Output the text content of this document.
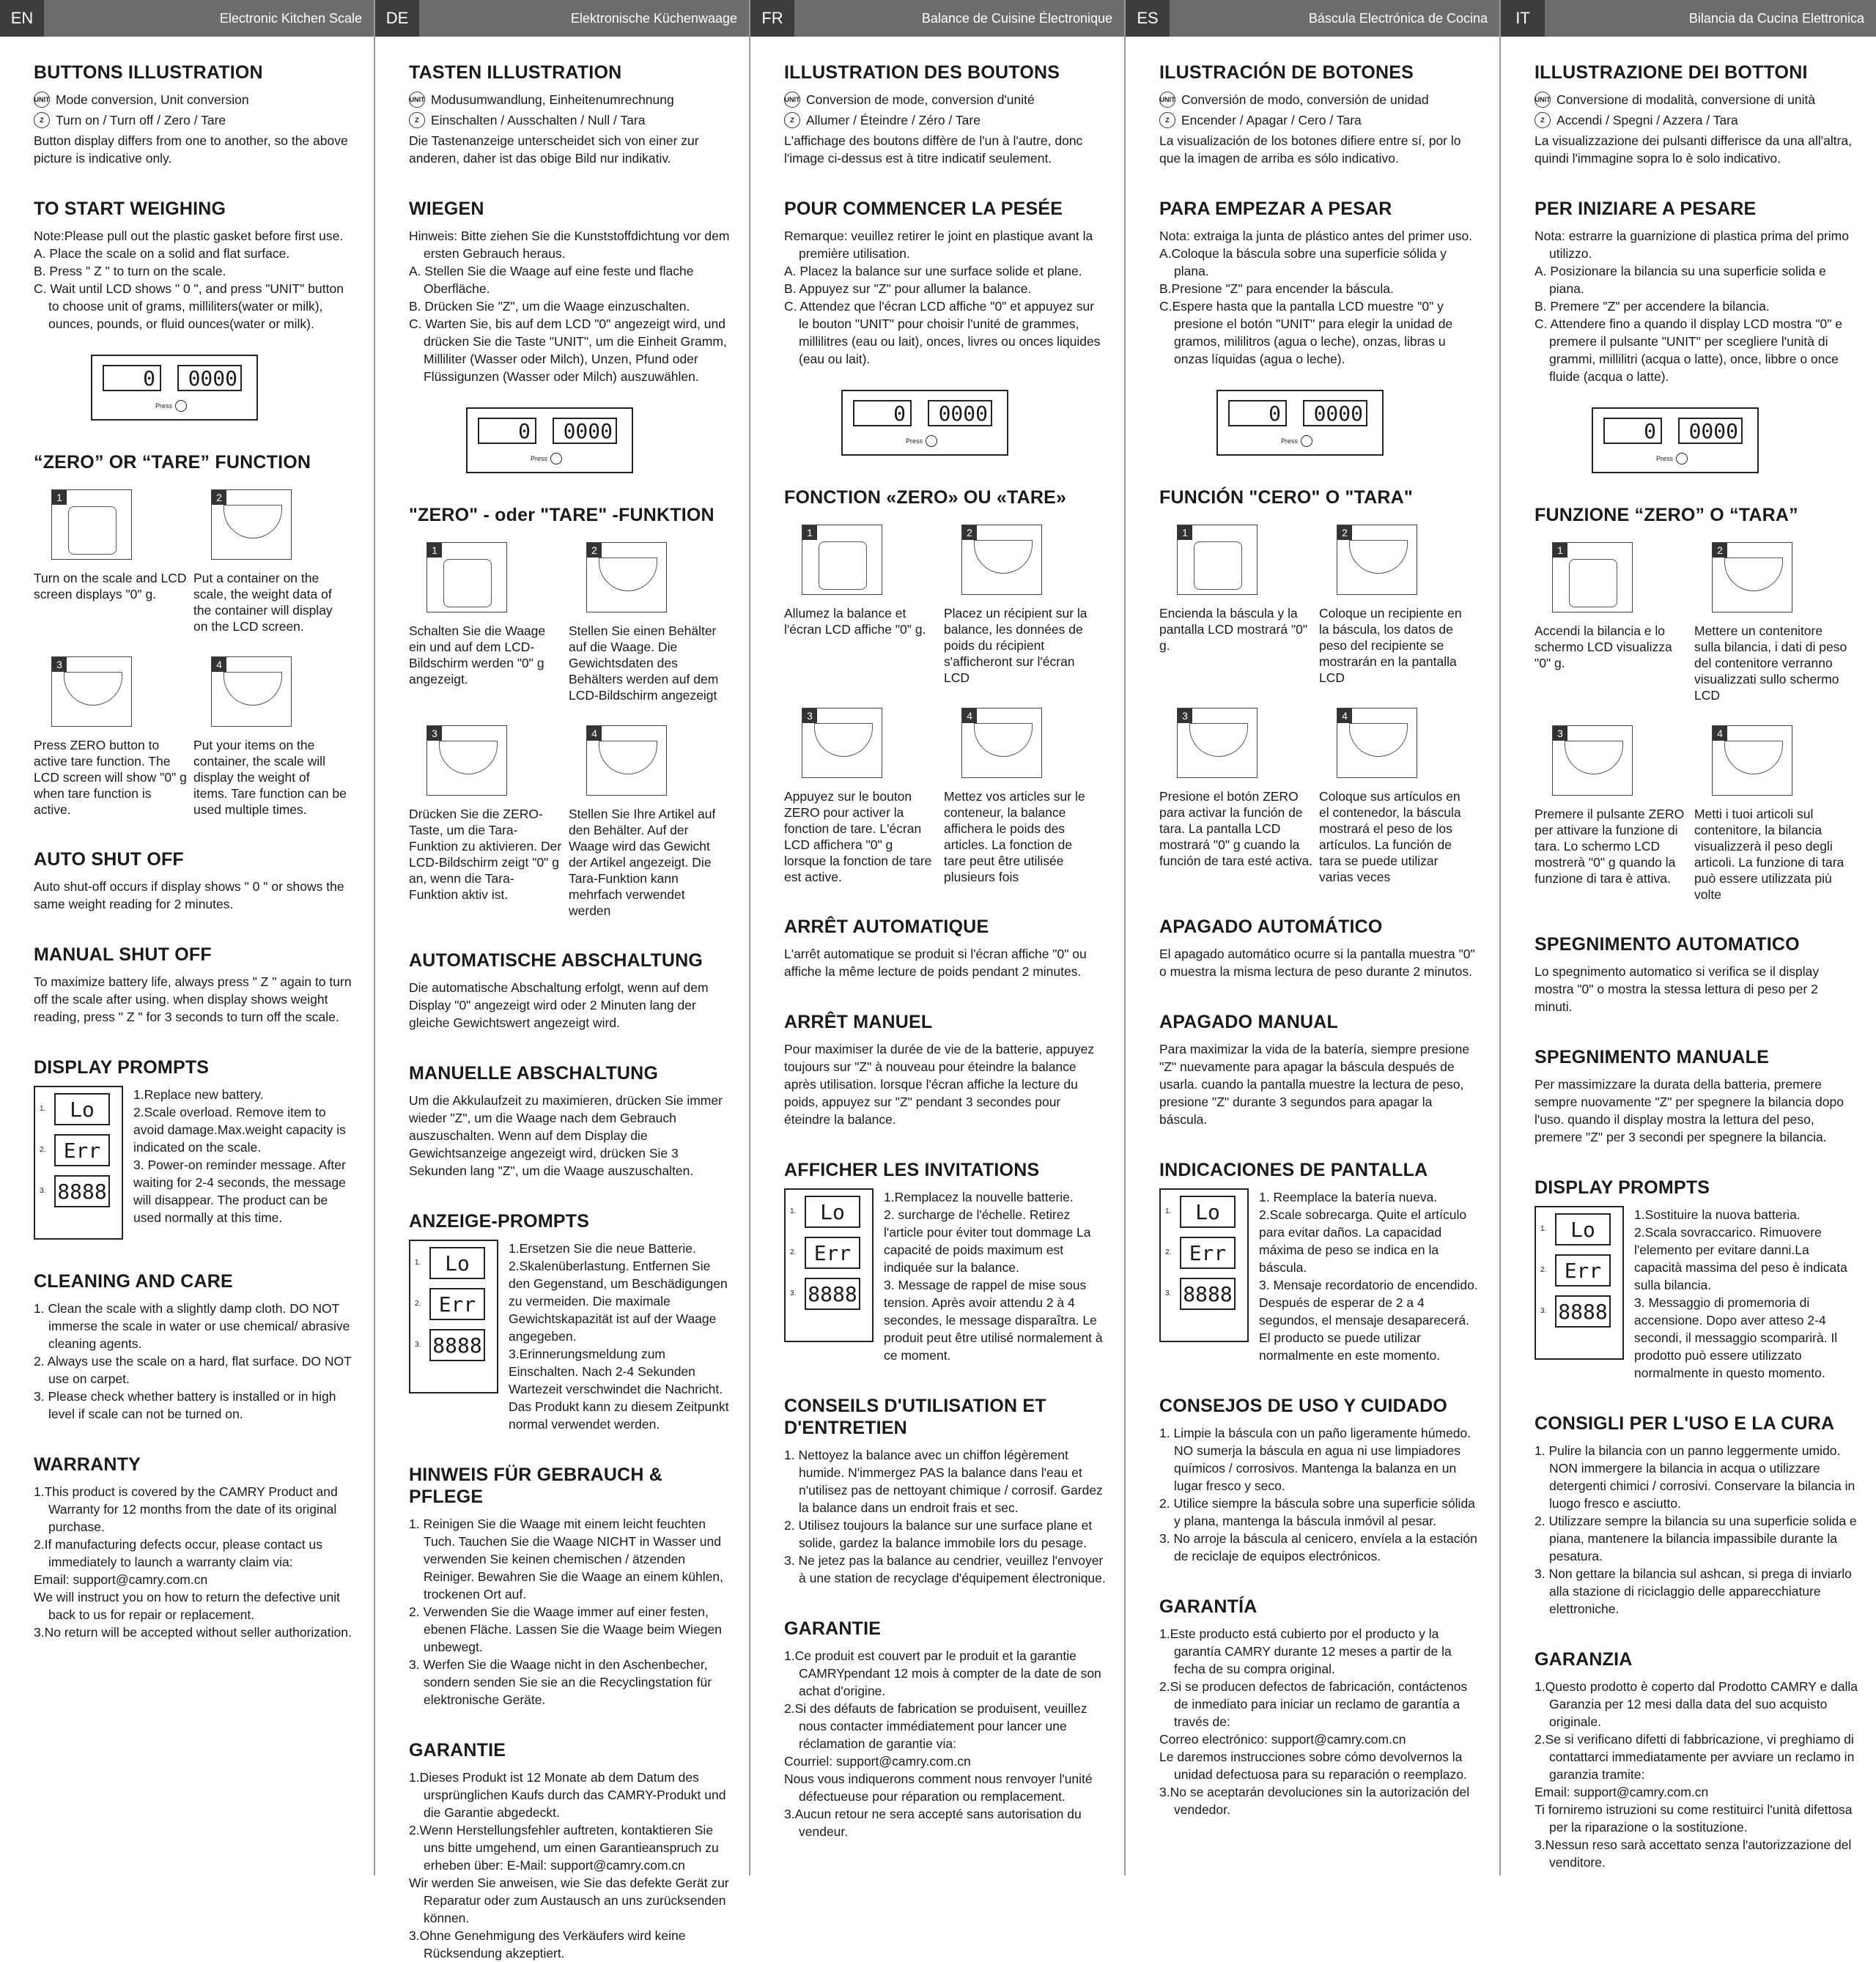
EN	Electronic Kitchen Scale
BUTTONS ILLUSTRATION
UNIT Mode conversion, Unit conversion
Z Turn on / Turn off / Zero / Tare

Button display differs from one to another, so the above picture is indicative only.

TO START WEIGHING
Note:Please pull out the plastic gasket before first use.
A. Place the scale on a solid and flat surface.
B. Press " Z " to turn on the scale.
C. Wait until LCD shows " 0 ", and press "UNIT" button to choose unit of grams, milliliters(water or milk), ounces, pounds, or fluid ounces(water or milk).
0	0000
Press
“ZERO” OR “TARE” FUNCTION
1
Turn on the scale and LCD screen displays "0" g.
2
Put a container on the scale, the weight data of the container will display on the LCD screen.
3
Press ZERO button to active tare function. The LCD screen will show "0" g when tare function is active.
4
Put your items on the container, the scale will display the weight of items. Tare function can be used multiple times.
AUTO SHUT OFF

Auto shut-off occurs if display shows " 0 " or shows the same weight reading for 2 minutes.

MANUAL SHUT OFF

To maximize battery life, always press " Z " again to turn off the scale after using. when display shows weight reading, press " Z " for 3 seconds to turn off the scale.

DISPLAY PROMPTS
1.	Lo
2. Err
3. 8888
1.Replace new battery.
2.Scale overload. Remove item to avoid damage.Max.weight capacity is indicated on the scale.
3. Power-on reminder message. After waiting for 2-4 seconds, the message will disappear. The product can be used normally at this time.
CLEANING AND CARE
1. Clean the scale with a slightly damp cloth. DO NOT immerse the scale in water or use chemical/ abrasive cleaning agents.
2. Always use the scale on a hard, flat surface. DO NOT use on carpet.
3. Please check whether battery is installed or in high level if scale can not be turned on.
WARRANTY
1.This product is covered by the CAMRY Product and Warranty for 12 months from the date of its original purchase.
2.If manufacturing defects occur, please contact us immediately to launch a warranty claim via:
Email: support@camry.com.cn
We will instruct you on how to return the defective unit back to us for repair or replacement.
3.No return will be accepted without seller authorization.
DE	Elektronische Küchenwaage
TASTEN ILLUSTRATION
UNIT Modusumwandlung, Einheitenumrechnung
Z Einschalten / Ausschalten / Null / Tara

Die Tastenanzeige unterscheidet sich von einer zur anderen, daher ist das obige Bild nur indikativ.

WIEGEN
Hinweis: Bitte ziehen Sie die Kunststoffdichtung vor dem ersten Gebrauch heraus.
A. Stellen Sie die Waage auf eine feste und flache Oberfläche.
B. Drücken Sie "Z", um die Waage einzuschalten.
C. Warten Sie, bis auf dem LCD "0" angezeigt wird, und drücken Sie die Taste "UNIT", um die Einheit Gramm, Milliliter (Wasser oder Milch), Unzen, Pfund oder Flüssigunzen (Wasser oder Milch) auszuwählen.
0	0000
Press
"ZERO" - oder "TARE" -FUNKTION
1
Schalten Sie die Waage ein und auf dem LCD-Bildschirm werden "0" g angezeigt.
2
Stellen Sie einen Behälter auf die Waage. Die Gewichtsdaten des Behälters werden auf dem LCD-Bildschirm angezeigt
3
Drücken Sie die ZERO- Taste, um die Tara- Funktion zu aktivieren. Der LCD-Bildschirm zeigt "0" g an, wenn die Tara-Funktion aktiv ist.
4
Stellen Sie Ihre Artikel auf den Behälter. Auf der Waage wird das Gewicht der Artikel angezeigt. Die Tara-Funktion kann mehrfach verwendet werden
AUTOMATISCHE ABSCHALTUNG

Die automatische Abschaltung erfolgt, wenn auf dem Display "0" angezeigt wird oder 2 Minuten lang der gleiche Gewichtswert angezeigt wird.

MANUELLE ABSCHALTUNG

Um die Akkulaufzeit zu maximieren, drücken Sie immer wieder "Z", um die Waage nach dem Gebrauch auszuschalten. Wenn auf dem Display die Gewichtsanzeige angezeigt wird, drücken Sie 3 Sekunden lang "Z", um die Waage auszuschalten.

ANZEIGE-PROMPTS
1.	Lo
2. Err
3. 8888
1.Ersetzen Sie die neue Batterie.
2.Skalenüberlastung. Entfernen Sie den Gegenstand, um Beschädigungen zu vermeiden. Die maximale Gewichtskapazität ist auf der Waage angegeben.
3.Erinnerungsmeldung zum Einschalten. Nach 2-4 Sekunden Wartezeit verschwindet die Nachricht. Das Produkt kann zu diesem Zeitpunkt normal verwendet werden.
HINWEIS FÜR GEBRAUCH & PFLEGE
1. Reinigen Sie die Waage mit einem leicht feuchten Tuch. Tauchen Sie die Waage NICHT in Wasser und verwenden Sie keinen chemischen / ätzenden Reiniger. Bewahren Sie die Waage an einem kühlen, trockenen Ort auf.
2. Verwenden Sie die Waage immer auf einer festen, ebenen Fläche. Lassen Sie die Waage beim Wiegen unbewegt.
3. Werfen Sie die Waage nicht in den Aschenbecher, sondern senden Sie sie an die Recyclingstation für elektronische Geräte.
GARANTIE
1.Dieses Produkt ist 12 Monate ab dem Datum des ursprünglichen Kaufs durch das CAMRY-Produkt und die Garantie abgedeckt.
2.Wenn Herstellungsfehler auftreten, kontaktieren Sie uns bitte umgehend, um einen Garantieanspruch zu erheben über: E-Mail: support@camry.com.cn
Wir werden Sie anweisen, wie Sie das defekte Gerät zur Reparatur oder zum Austausch an uns zurücksenden können.
3.Ohne Genehmigung des Verkäufers wird keine Rücksendung akzeptiert.
FR	Balance de Cuisine Électronique
ILLUSTRATION DES BOUTONS
UNIT Conversion de mode, conversion d'unité
Z Allumer / Éteindre / Zéro / Tare

L'affichage des boutons diffère de l'un à l'autre, donc l'image ci-dessus est à titre indicatif seulement.

POUR COMMENCER LA PESÉE
Remarque: veuillez retirer le joint en plastique avant la première utilisation.
A. Placez la balance sur une surface solide et plane.
B. Appuyez sur "Z" pour allumer la balance.
C. Attendez que l'écran LCD affiche "0" et appuyez sur le bouton "UNIT" pour choisir l'unité de grammes, millilitres (eau ou lait), onces, livres ou onces liquides (eau ou lait).
0	0000
Press
FONCTION «ZERO» OU «TARE»
1
Allumez la balance et l'écran LCD affiche "0" g.
2
Placez un récipient sur la balance, les données de poids du récipient s'afficheront sur l'écran LCD
3
Appuyez sur le bouton ZERO pour activer la fonction de tare. L'écran LCD affichera "0" g lorsque la fonction de tare est active.
4
Mettez vos articles sur le conteneur, la balance affichera le poids des articles. La fonction de tare peut être utilisée plusieurs fois
ARRÊT AUTOMATIQUE

L'arrêt automatique se produit si l'écran affiche "0" ou affiche la même lecture de poids pendant 2 minutes.

ARRÊT MANUEL

Pour maximiser la durée de vie de la batterie, appuyez toujours sur "Z" à nouveau pour éteindre la balance après utilisation. lorsque l'écran affiche la lecture du poids, appuyez sur "Z" pendant 3 secondes pour éteindre la balance.

AFFICHER LES INVITATIONS
1.	Lo
2. Err
3. 8888
1.Remplacez la nouvelle batterie.
2. surcharge de l'échelle. Retirez l'article pour éviter tout dommage La capacité de poids maximum est indiquée sur la balance.
3. Message de rappel de mise sous tension. Après avoir attendu 2 à 4 secondes, le message disparaîtra. Le produit peut être utilisé normalement à ce moment.
CONSEILS D'UTILISATION ET D'ENTRETIEN
1. Nettoyez la balance avec un chiffon légèrement humide. N'immergez PAS la balance dans l'eau et n'utilisez pas de nettoyant chimique / corrosif. Gardez la balance dans un endroit frais et sec.
2. Utilisez toujours la balance sur une surface plane et solide, gardez la balance immobile lors du pesage.
3. Ne jetez pas la balance au cendrier, veuillez l'envoyer à une station de recyclage d'équipement électronique.
GARANTIE
1.Ce produit est couvert par le produit et la garantie CAMRYpendant 12 mois à compter de la date de son achat d'origine.
2.Si des défauts de fabrication se produisent, veuillez nous contacter immédiatement pour lancer une réclamation de garantie via:
Courriel: support@camry.com.cn
Nous vous indiquerons comment nous renvoyer l'unité défectueuse pour réparation ou remplacement.
3.Aucun retour ne sera accepté sans autorisation du vendeur.
ES	Báscula Electrónica de Cocina
ILUSTRACIÓN DE BOTONES
UNIT Conversión de modo, conversión de unidad
Z Encender / Apagar / Cero / Tara

La visualización de los botones difiere entre sí, por lo que la imagen de arriba es sólo indicativo.

PARA EMPEZAR A PESAR
Nota: extraiga la junta de plástico antes del primer uso.
A.Coloque la báscula sobre una superficie sólida y plana.
B.Presione "Z" para encender la báscula.
C.Espere hasta que la pantalla LCD muestre "0" y presione el botón "UNIT" para elegir la unidad de gramos, mililitros (agua o leche), onzas, libras u onzas líquidas (agua o leche).
0	0000
Press
FUNCIÓN "CERO" O "TARA"
1
Encienda la báscula y la pantalla LCD mostrará "0" g.
2
Coloque un recipiente en la báscula, los datos de peso del recipiente se mostrarán en la pantalla LCD
3
Presione el botón ZERO para activar la función de tara. La pantalla LCD mostrará "0" g cuando la función de tara esté activa.
4
Coloque sus artículos en el contenedor, la báscula mostrará el peso de los artículos. La función de tara se puede utilizar varias veces
APAGADO AUTOMÁTICO

El apagado automático ocurre si la pantalla muestra "0" o muestra la misma lectura de peso durante 2 minutos.

APAGADO MANUAL

Para maximizar la vida de la batería, siempre presione "Z" nuevamente para apagar la báscula después de usarla. cuando la pantalla muestre la lectura de peso, presione "Z" durante 3 segundos para apagar la báscula.

INDICACIONES DE PANTALLA
1.	Lo
2. Err
3. 8888
1. Reemplace la batería nueva.
2.Scale sobrecarga. Quite el artículo para evitar daños. La capacidad máxima de peso se indica en la báscula.
3. Mensaje recordatorio de encendido. Después de esperar de 2 a 4 segundos, el mensaje desaparecerá. El producto se puede utilizar normalmente en este momento.
CONSEJOS DE USO Y CUIDADO
1. Limpie la báscula con un paño ligeramente húmedo. NO sumerja la báscula en agua ni use limpiadores químicos / corrosivos. Mantenga la balanza en un lugar fresco y seco.
2. Utilice siempre la báscula sobre una superficie sólida y plana, mantenga la báscula inmóvil al pesar.
3. No arroje la báscula al cenicero, envíela a la estación de reciclaje de equipos electrónicos.
GARANTÍA
1.Este producto está cubierto por el producto y la garantía CAMRY durante 12 meses a partir de la fecha de su compra original.
2.Si se producen defectos de fabricación, contáctenos de inmediato para iniciar un reclamo de garantía a través de:
Correo electrónico: support@camry.com.cn
Le daremos instrucciones sobre cómo devolvernos la unidad defectuosa para su reparación o reemplazo.
3.No se aceptarán devoluciones sin la autorización del vendedor.
IT	Bilancia da Cucina Elettronica
ILLUSTRAZIONE DEI BOTTONI
UNIT Conversione di modalità, conversione di unità
Z Accendi / Spegni / Azzera / Tara

La visualizzazione dei pulsanti differisce da una all'altra, quindi l'immagine sopra lo è solo indicativo.

PER INIZIARE A PESARE
Nota: estrarre la guarnizione di plastica prima del primo utilizzo.
A. Posizionare la bilancia su una superficie solida e piana.
B. Premere "Z" per accendere la bilancia.
C. Attendere fino a quando il display LCD mostra "0" e premere il pulsante "UNIT" per scegliere l'unità di grammi, millilitri (acqua o latte), once, libbre o once fluide (acqua o latte).
0	0000
Press
FUNZIONE “ZERO” O “TARA”
1
Accendi la bilancia e lo schermo LCD visualizza "0" g.
2
Mettere un contenitore sulla bilancia, i dati di peso del contenitore verranno visualizzati sullo schermo LCD
3
Premere il pulsante ZERO per attivare la funzione di tara. Lo schermo LCD mostrerà "0" g quando la funzione di tara è attiva.
4
Metti i tuoi articoli sul contenitore, la bilancia visualizzerà il peso degli articoli. La funzione di tara può essere utilizzata più volte
SPEGNIMENTO AUTOMATICO

Lo spegnimento automatico si verifica se il display mostra "0" o mostra la stessa lettura di peso per 2 minuti.

SPEGNIMENTO MANUALE

Per massimizzare la durata della batteria, premere sempre nuovamente "Z" per spegnere la bilancia dopo l'uso. quando il display mostra la lettura del peso, premere "Z" per 3 secondi per spegnere la bilancia.

DISPLAY PROMPTS
1.	Lo
2. Err
3. 8888
1.Sostituire la nuova batteria.
2.Scala sovraccarico. Rimuovere l'elemento per evitare danni.La capacità massima del peso è indicata sulla bilancia.
3. Messaggio di promemoria di accensione. Dopo aver atteso 2-4 secondi, il messaggio scomparirà. Il prodotto può essere utilizzato normalmente in questo momento.
CONSIGLI PER L'USO E LA CURA
1. Pulire la bilancia con un panno leggermente umido. NON immergere la bilancia in acqua o utilizzare detergenti chimici / corrosivi. Conservare la bilancia in luogo fresco e asciutto.
2. Utilizzare sempre la bilancia su una superficie solida e piana, mantenere la bilancia impassibile durante la pesatura.
3. Non gettare la bilancia sul ashcan, si prega di inviarlo alla stazione di riciclaggio delle apparecchiature elettroniche.
GARANZIA
1.Questo prodotto è coperto dal Prodotto CAMRY e dalla Garanzia per 12 mesi dalla data del suo acquisto originale.
2.Se si verificano difetti di fabbricazione, vi preghiamo di contattarci immediatamente per avviare un reclamo in garanzia tramite:
Email: support@camry.com.cn
Ti forniremo istruzioni su come restituirci l'unità difettosa per la riparazione o la sostituzione.
3.Nessun reso sarà accettato senza l'autorizzazione del venditore.
